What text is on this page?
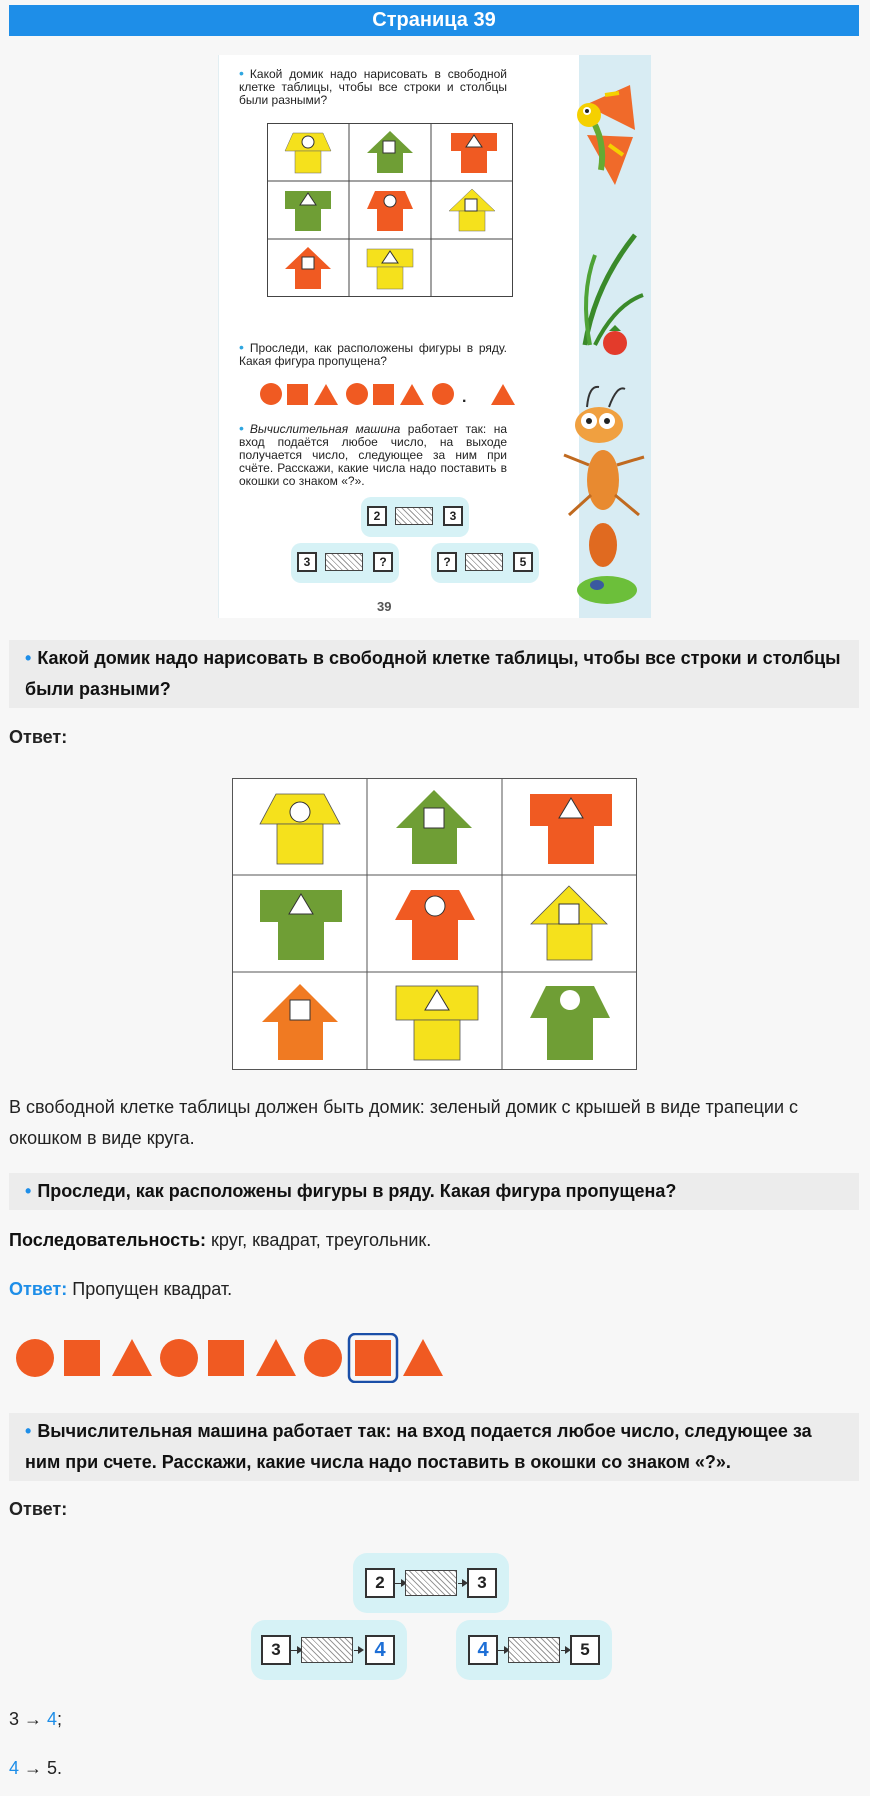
Страница 39
• Какой домик надо нарисовать в свободной клетке таблицы, чтобы все строки и столбцы были разными?
• Проследи, как расположены фигуры в ряду. Какая фигура пропущена?
.
• Вычислительная машина работает так: на вход подаётся любое число, на выходе получается число, следующее за ним при счёте. Расскажи, какие числа надо поставить в окошки со знаком «?».
2	3
3	?	?	5
39
• Какой домик надо нарисовать в свободной клетке таблицы, чтобы все строки и столбцы были разными?
Ответ:
В свободной клетке таблицы должен быть домик: зеленый домик с крышей в виде трапеции с окошком в виде круга.
• Проследи, как расположены фигуры в ряду. Какая фигура пропущена?
Последовательность: круг, квадрат, треугольник.
Ответ: Пропущен квадрат.
• Вычислительная машина работает так: на вход подается любое число, следующее за ним при счете. Расскажи, какие числа надо поставить в окошки со знаком «?».
Ответ:
2	3
3	4	4	5
3 → 4;
4 → 5.
